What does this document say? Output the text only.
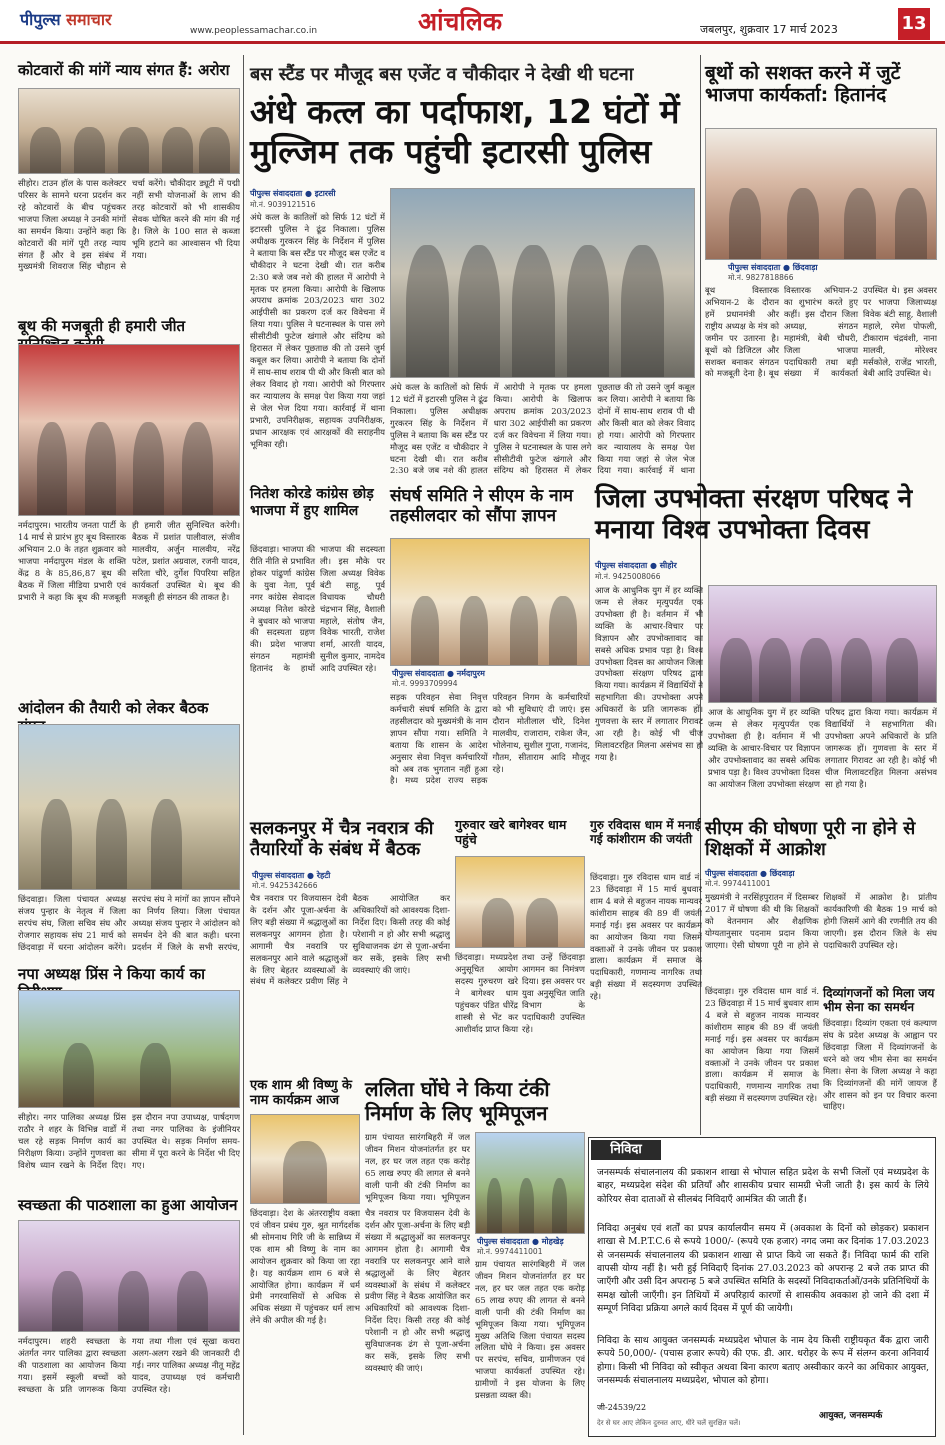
पीपुल्स समाचार
www.peoplessamachar.co.in	आंचलिक	जबलपुर, शुक्रवार 17 मार्च 2023	13
कोटवारों की मांगें न्याय संगत हैं: अरोरा
सीहोर। टाउन हॉल के पास कलेक्टर परिसर के सामने धरना प्रदर्शन कर रहे कोटवारों के बीच पहुंचकर भाजपा जिला अध्यक्ष ने उनकी मांगों का समर्थन किया। उन्होंने कहा कि कोटवारों की मांगें पूरी तरह न्याय संगत हैं और वे इस संबंध में मुख्यमंत्री शिवराज सिंह चौहान से चर्चा करेंगे। चौकीदार ड्यूटी में पद्मी नहीं सभी योजनाओं के लाभ की तरह कोटवारों को भी शासकीय सेवक घोषित करने की मांग की गई है। जिले के 100 सात से कब्जा भूमि हटाने का आश्वासन भी दिया गया।
बूथ की मजबूती ही हमारी जीत
नर्मदापुरम। भारतीय जनता पार्टी के 14 मार्च से प्रारंभ हुए बूथ विस्तारक अभियान 2.0 के तहत शुक्रवार को भाजपा नर्मदापुरम मंडल के शक्ति केंद्र 8 के 85,86,87 बूथ की बैठक में जिला मीडिया प्रभारी एवं प्रभारी ने कहा कि बूथ की मजबूती ही हमारी जीत सुनिश्चित करेगी। बैठक में प्रशांत पालीवाल, संजीव मालवीय, अर्जुन मालवीय, नरेंद्र पटेल, प्रशांत अग्रवाल, रजनी यादव, सरिता चौरे, दुर्गेश पिपरिया सहित कार्यकर्ता उपस्थित थे। बूथ की मजबूती ही संगठन की ताकत है।
आंदोलन की तैयारी को लेकर बैठक
छिंदवाड़ा। जिला पंचायत अध्यक्ष संजय पुन्हार के नेतृत्व में जिला सरपंच संघ, जिला सचिव संघ और रोजगार सहायक संघ 21 मार्च को छिंदवाड़ा में धरना आंदोलन करेंगे। सरपंच संघ ने मांगों का ज्ञापन सौंपने का निर्णय लिया। जिला पंचायत अध्यक्ष संजय पुन्हार ने आंदोलन को समर्थन देने की बात कही। धरना प्रदर्शन में जिले के सभी सरपंच,
नपा अध्यक्ष प्रिंस ने किया कार्य का
सीहोर। नगर पालिका अध्यक्ष प्रिंस राठौर ने शहर के विभिन्न वार्डों में चल रहे सड़क निर्माण कार्य का निरीक्षण किया। उन्होंने गुणवत्ता का विशेष ध्यान रखने के निर्देश दिए। इस दौरान नपा उपाध्यक्ष, पार्षदगण तथा नगर पालिका के इंजीनियर उपस्थित थे। सड़क निर्माण समय-सीमा में पूरा करने के निर्देश भी दिए गए।
स्वच्छता की पाठशाला का हुआ आयोजन
नर्मदापुरम। शहरी स्वच्छता के अंतर्गत नगर पालिका द्वारा स्वच्छता की पाठशाला का आयोजन किया गया। इसमें स्कूली बच्चों को स्वच्छता के प्रति जागरूक किया गया तथा गीला एवं सूखा कचरा अलग-अलग रखने की जानकारी दी गई। नगर पालिका अध्यक्ष नीतू महेंद्र यादव, उपाध्यक्ष एवं कर्मचारी उपस्थित रहे।
बस स्टैंड पर मौजूद बस एजेंट व चौकीदार ने देखी थी घटना
अंधे कत्ल का पर्दाफाश, 12 घंटों में मुल्जिम तक पहुंची इटारसी पुलिस
पीपुल्स संवाददाता ● इटारसी
मो.नं. 9039121516
अंधे कत्ल के कातिलों को सिर्फ 12 घंटों में इटारसी पुलिस ने ढूंढ निकाला। पुलिस अधीक्षक गुरकरन सिंह के निर्देशन में पुलिस ने बताया कि बस स्टैंड पर मौजूद बस एजेंट व चौकीदार ने घटना देखी थी। रात करीब 2:30 बजे जब नशे की हालत में आरोपी ने मृतक पर हमला किया। आरोपी के खिलाफ अपराध क्रमांक 203/2023 धारा 302 आईपीसी का प्रकरण दर्ज कर विवेचना में लिया गया। पुलिस ने घटनास्थल के पास लगे सीसीटीवी फुटेज खंगाले और संदिग्ध को हिरासत में लेकर पूछताछ की तो उसने जुर्म कबूल कर लिया। आरोपी ने बताया कि दोनों में साथ-साथ शराब पी थी और किसी बात को लेकर विवाद हो गया। आरोपी को गिरफ्तार कर न्यायालय के समक्ष पेश किया गया जहां से जेल भेज दिया गया। कार्रवाई में थाना प्रभारी, उपनिरीक्षक, सहायक उपनिरीक्षक, प्रधान आरक्षक एवं आरक्षकों की सराहनीय भूमिका रही।
अंधे कत्ल के कातिलों को सिर्फ 12 घंटों में इटारसी पुलिस ने ढूंढ निकाला। पुलिस अधीक्षक गुरकरन सिंह के निर्देशन में पुलिस ने बताया कि बस स्टैंड पर मौजूद बस एजेंट व चौकीदार ने घटना देखी थी। रात करीब 2:30 बजे जब नशे की हालत में आरोपी ने मृतक पर हमला किया। आरोपी के खिलाफ अपराध क्रमांक 203/2023 धारा 302 आईपीसी का प्रकरण दर्ज कर विवेचना में लिया गया। पुलिस ने घटनास्थल के पास लगे सीसीटीवी फुटेज खंगाले और संदिग्ध को हिरासत में लेकर पूछताछ की तो उसने जुर्म कबूल कर लिया। आरोपी ने बताया कि दोनों में साथ-साथ शराब पी थी और किसी बात को लेकर विवाद हो गया। आरोपी को गिरफ्तार कर न्यायालय के समक्ष पेश किया गया जहां से जेल भेज दिया गया। कार्रवाई में थाना
बूथों को सशक्त करने में जुटें भाजपा कार्यकर्ता: हितानंद
पीपुल्स संवाददाता ● छिंदवाड़ा
मो.नं. 9827818866
बूथ विस्तारक अभियान-2 के दौरान हमें प्रधानमंत्री और राष्ट्रीय अध्यक्ष के मंत्र को जमीन पर उतारना है। बूथों को डिजिटल और सशक्त बनाकर संगठन को मजबूती देना है। बूथ विस्तारक अभियान-2 का शुभारंभ करते हुए कहीं। इस दौरान जिला अध्यक्ष, संगठन महामंत्री, बेबी चौधरी, जिला भाजपा पदाधिकारी तथा बड़ी संख्या में कार्यकर्ता उपस्थित थे। इस अवसर पर भाजपा जिलाध्यक्ष विवेक बंटी साहू, वैशाली महाले, रमेश पोफली, टीकाराम चंद्रवंशी, नाना मालवी, मोरेश्वर मर्सकोले, राजेंद्र भारती, बेबी आदि उपस्थित थे।
नितेश कोरडे कांग्रेस छोड़ भाजपा में हुए शामिल
छिंदवाड़ा। भाजपा की रीति नीति से प्रभावित होकर पांढुर्णा कांग्रेस के युवा नेता, पूर्व नगर कांग्रेस सेवादल अध्यक्ष नितेश कोरडे ने बुधवार को भाजपा की सदस्यता ग्रहण की। प्रदेश भाजपा संगठन महामंत्री हितानंद के हाथों भाजपा की सदस्यता ली। इस मौके पर जिला अध्यक्ष विवेक बंटी साहू, पूर्व विधायक चौधरी चंद्रभान सिंह, वैशाली महाले, संतोष जैन, विवेक भारती, राजेश शर्मा, आरती यादव, सुनील कुमार, नामदेव आदि उपस्थित रहे।
संघर्ष समिति ने सीएम के नाम तहसीलदार को सौंपा ज्ञापन
पीपुल्स संवाददाता ● नर्मदापुरम
मो.नं. 9993709994
सड़क परिवहन सेवा निवृत्त कर्मचारी संघर्ष समिति के द्वारा तहसीलदार को मुख्यमंत्री के नाम ज्ञापन सौंपा गया। समिति ने बताया कि शासन के आदेश अनुसार सेवा निवृत्त कर्मचारियों को अब तक भुगतान नहीं हुआ है। मध्य प्रदेश राज्य सड़क परिवहन निगम के कर्मचारियों को भी सुविधाएं दी जाएं। इस दौरान मोतीलाल चौरे, दिनेश मालवीय, राजाराम, राकेश जैन, भोलेनाथ, सुशील गुप्ता, गजानंद, गौतम, सीताराम आदि मौजूद रहे।
जिला उपभोक्ता संरक्षण परिषद ने मनाया विश्व उपभोक्ता दिवस
पीपुल्स संवाददाता ● सीहोर
मो.नं. 9425008066
आज के आधुनिक युग में हर व्यक्ति जन्म से लेकर मृत्युपर्यंत एक उपभोक्ता ही है। वर्तमान में भी व्यक्ति के आचार-विचार पर विज्ञापन और उपभोक्तावाद का सबसे अधिक प्रभाव पड़ा है। विश्व उपभोक्ता दिवस का आयोजन जिला उपभोक्ता संरक्षण परिषद द्वारा किया गया। कार्यक्रम में विद्यार्थियों ने सहभागिता की। उपभोक्ता अपने अधिकारों के प्रति जागरूक हों। गुणवत्ता के स्तर में लगातार गिरावट आ रही है। कोई भी चीज मिलावटरहित मिलना असंभव सा हो गया है।
आज के आधुनिक युग में हर व्यक्ति जन्म से लेकर मृत्युपर्यंत एक उपभोक्ता ही है। वर्तमान में भी व्यक्ति के आचार-विचार पर विज्ञापन और उपभोक्तावाद का सबसे अधिक प्रभाव पड़ा है। विश्व उपभोक्ता दिवस का आयोजन जिला उपभोक्ता संरक्षण परिषद द्वारा किया गया। कार्यक्रम में विद्यार्थियों ने सहभागिता की। उपभोक्ता अपने अधिकारों के प्रति जागरूक हों। गुणवत्ता के स्तर में लगातार गिरावट आ रही है। कोई भी चीज मिलावटरहित मिलना असंभव सा हो गया है।
सलकनपुर में चैत्र नवरात्र की तैयारियों के संबंध में बैठक
पीपुल्स संवाददाता ● रेहटी
मो.नं. 9425342666
चैत्र नवरात्र पर विजयासन देवी के दर्शन और पूजा-अर्चना के लिए बड़ी संख्या में श्रद्धालुओं का सलकनपुर आगमन होता है। आगामी चैत्र नवरात्रि पर सलकनपुर आने वाले श्रद्धालुओं के लिए बेहतर व्यवस्थाओं के संबंध में कलेक्टर प्रवीण सिंह ने बैठक आयोजित कर अधिकारियों को आवश्यक दिशा-निर्देश दिए। किसी तरह की कोई परेशानी न हो और सभी श्रद्धालु सुविधाजनक ढंग से पूजा-अर्चना कर सकें, इसके लिए सभी व्यवस्थाएं की जाएं।
गुरुवार खरे बागेश्वर धाम पहुंचे
छिंदवाड़ा। मध्यप्रदेश अनुसूचित आयोग सदस्य गुरुचरण खरे ने बागेश्वर धाम पहुंचकर पंडित धीरेंद्र शास्त्री से भेंट कर आशीर्वाद प्राप्त किया तथा उन्हें छिंदवाड़ा आगमन का निमंत्रण दिया। इस अवसर पर युवा अनुसूचित जाति विभाग के पदाधिकारी उपस्थित रहे।
गुरु रविदास धाम में मनाई गई कांशीराम की जयंती
छिंदवाड़ा। गुरु रविदास धाम वार्ड नं. 23 छिंदवाड़ा में 15 मार्च बुधवार शाम 4 बजे से बहुजन नायक मान्यवर कांशीराम साहब की 89 वीं जयंती मनाई गई। इस अवसर पर कार्यक्रम का आयोजन किया गया जिसमें वक्ताओं ने उनके जीवन पर प्रकाश डाला। कार्यक्रम में समाज के पदाधिकारी, गणमान्य नागरिक तथा बड़ी संख्या में सदस्यगण उपस्थित रहे।
सीएम की घोषणा पूरी ना होने से शिक्षकों में आक्रोश
पीपुल्स संवाददाता ● छिंदवाड़ा
मो.नं. 9974411001
मुख्यमंत्री ने नरसिंहपुरातन में दिसम्बर 2017 में घोषणा की थी कि शिक्षकों को वेतनमान और शैक्षणिक योग्यतानुसार पदनाम प्रदान किया जाएगा। ऐसी घोषणा पूरी ना होने से शिक्षकों में आक्रोश है। प्रांतीय कार्यकारिणी की बैठक 19 मार्च को होगी जिसमें आगे की रणनीति तय की जाएगी। इस दौरान जिले के संघ पदाधिकारी उपस्थित रहे।
दिव्यांगजनों को मिला जय भीम सेना का समर्थन
छिंदवाड़ा। दिव्यांग एकता एवं कल्याण संघ के प्रदेश अध्यक्ष के आह्वान पर छिंदवाड़ा जिला में दिव्यांगजनों के धरने को जय भीम सेना का समर्थन मिला। सेना के जिला अध्यक्ष ने कहा कि दिव्यांगजनों की मांगें जायज हैं और शासन को इन पर विचार करना चाहिए।
छिंदवाड़ा। गुरु रविदास धाम वार्ड नं. 23 छिंदवाड़ा में 15 मार्च बुधवार शाम 4 बजे से बहुजन नायक मान्यवर कांशीराम साहब की 89 वीं जयंती मनाई गई। इस अवसर पर कार्यक्रम का आयोजन किया गया जिसमें वक्ताओं ने उनके जीवन पर प्रकाश डाला। कार्यक्रम में समाज के पदाधिकारी, गणमान्य नागरिक तथा बड़ी संख्या में सदस्यगण उपस्थित रहे।
एक शाम श्री विष्णु के नाम कार्यक्रम आज
छिंदवाड़ा। देश के अंतरराष्ट्रीय वक्ता एवं जीवन प्रबंध गुरु, श्रुत मार्गदर्शक श्री सोमनाथ गिरि जी के सान्निध्य में एक शाम श्री विष्णु के नाम का आयोजन शुक्रवार को किया जा रहा है। यह कार्यक्रम शाम 6 बजे से आयोजित होगा। कार्यक्रम में धर्म प्रेमी नगरवासियों से अधिक से अधिक संख्या में पहुंचकर धर्म लाभ लेने की अपील की गई है।
चैत्र नवरात्र पर विजयासन देवी के दर्शन और पूजा-अर्चना के लिए बड़ी संख्या में श्रद्धालुओं का सलकनपुर आगमन होता है। आगामी चैत्र नवरात्रि पर सलकनपुर आने वाले श्रद्धालुओं के लिए बेहतर व्यवस्थाओं के संबंध में कलेक्टर प्रवीण सिंह ने बैठक आयोजित कर अधिकारियों को आवश्यक दिशा-निर्देश दिए। किसी तरह की कोई परेशानी न हो और सभी श्रद्धालु सुविधाजनक ढंग से पूजा-अर्चना कर सकें, इसके लिए सभी व्यवस्थाएं की जाएं।
ललिता घोंघे ने किया टंकी निर्माण के लिए भूमिपूजन
पीपुल्स संवाददाता ● मोहखेड़
मो.नं. 9974411001
ग्राम पंचायत सारंगबिहरी में जल जीवन मिशन योजनांतर्गत हर घर नल, हर घर जल तहत एक करोड़ 65 लाख रुपए की लागत से बनने वाली पानी की टंकी निर्माण का भूमिपूजन किया गया। भूमिपूजन मुख्य अतिथि जिला पंचायत सदस्य ललिता घोंघे ने किया। इस अवसर पर सरपंच, सचिव, ग्रामीणजन एवं भाजपा कार्यकर्ता उपस्थित रहे। ग्रामीणों ने इस योजना के लिए प्रसन्नता व्यक्त की।
ग्राम पंचायत सारंगबिहरी में जल जीवन मिशन योजनांतर्गत हर घर नल, हर घर जल तहत एक करोड़ 65 लाख रुपए की लागत से बनने वाली पानी की टंकी निर्माण का भूमिपूजन किया गया। भूमिपूजन
निविदा
जनसम्पर्क संचालनालय की प्रकाशन शाखा से भोपाल सहित प्रदेश के सभी जिलों एवं मध्यप्रदेश के बाहर, मध्यप्रदेश संदेश की प्रतियाँ और शासकीय प्रचार सामग्री भेजी जाती है। इस कार्य के लिये कोरियर सेवा दाताओं से सीलबंद निविदाएँ आमंत्रित की जाती हैं।
निविदा अनुबंध एवं शर्तों का प्रपत्र कार्यालयीन समय में (अवकाश के दिनों को छोड़कर) प्रकाशन शाखा से M.P.T.C.6 से रूपये 1000/- (रूपये एक हजार) नगद जमा कर दिनांक 17.03.2023 से जनसम्पर्क संचालनालय की प्रकाशन शाखा से प्राप्त किये जा सकते हैं। निविदा फार्म की राशि वापसी योग्य नहीं है। भरी हुई निविदाएँ दिनांक 27.03.2023 को अपरान्ह 2 बजे तक प्राप्त की जाएँगी और उसी दिन अपरान्ह 5 बजे उपस्थित समिति के सदस्यों निविदाकर्ताओं/उनके प्रतिनिधियों के समक्ष खोली जाएँगी। इन तिथियों में अपरिहार्य कारणों से शासकीय अवकाश हो जाने की दशा में सम्पूर्ण निविदा प्रक्रिया अगले कार्य दिवस में पूर्ण की जायेगी।
निविदा के साथ आयुक्त जनसम्पर्क मध्यप्रदेश भोपाल के नाम देय किसी राष्ट्रीयकृत बैंक द्वारा जारी रूपये 50,000/- (पचास हजार रूपये) की एफ. डी. आर. धरोहर के रूप में संलग्न करना अनिवार्य होगा। किसी भी निविदा को स्वीकृत अथवा बिना कारण बताए अस्वीकार करने का अधिकार आयुक्त, जनसम्पर्क संचालनालय मध्यप्रदेश, भोपाल को होगा।
जी-24539/22
देर से घर आए लेकिन दुरुस्त आए, धीरे चलें सुरक्षित चलें।
आयुक्त, जनसम्पर्क
